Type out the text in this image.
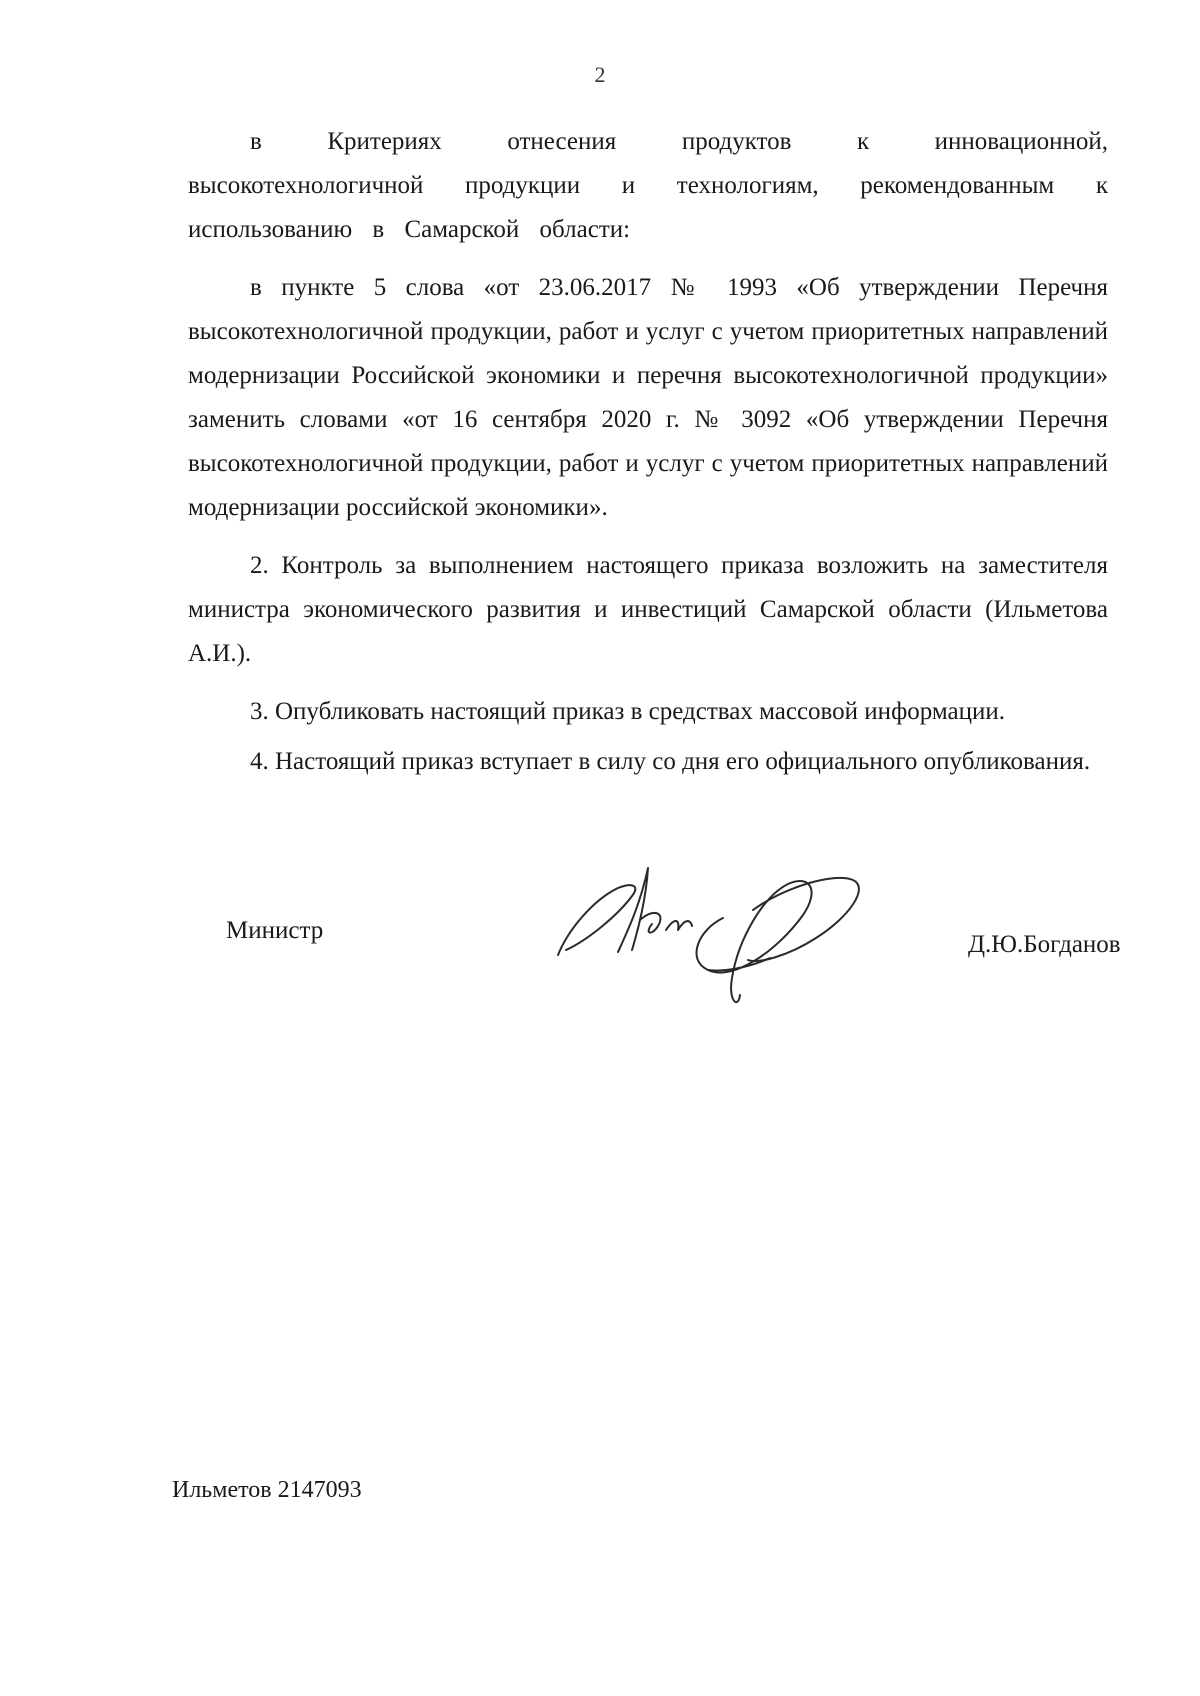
2

в Критериях отнесения продуктов к инновационной, высокотехнологичной продукции и технологиям, рекомендованным к использованию в Самарской области:

в пункте 5 слова «от 23.06.2017 № 1993 «Об утверждении Перечня высокотехнологичной продукции, работ и услуг с учетом приоритетных направлений модернизации Российской экономики и перечня высокотехнологичной продукции» заменить словами «от 16 сентября 2020 г. № 3092 «Об утверждении Перечня высокотехнологичной продукции, работ и услуг с учетом приоритетных направлений модернизации российской экономики».

2. Контроль за выполнением настоящего приказа возложить на заместителя министра экономического развития и инвестиций Самарской области (Ильметова А.И.).

3. Опубликовать настоящий приказ в средствах массовой информации.

4. Настоящий приказ вступает в силу со дня его официального опубликования.

Министр
Д.Ю.Богданов
Ильметов 2147093
